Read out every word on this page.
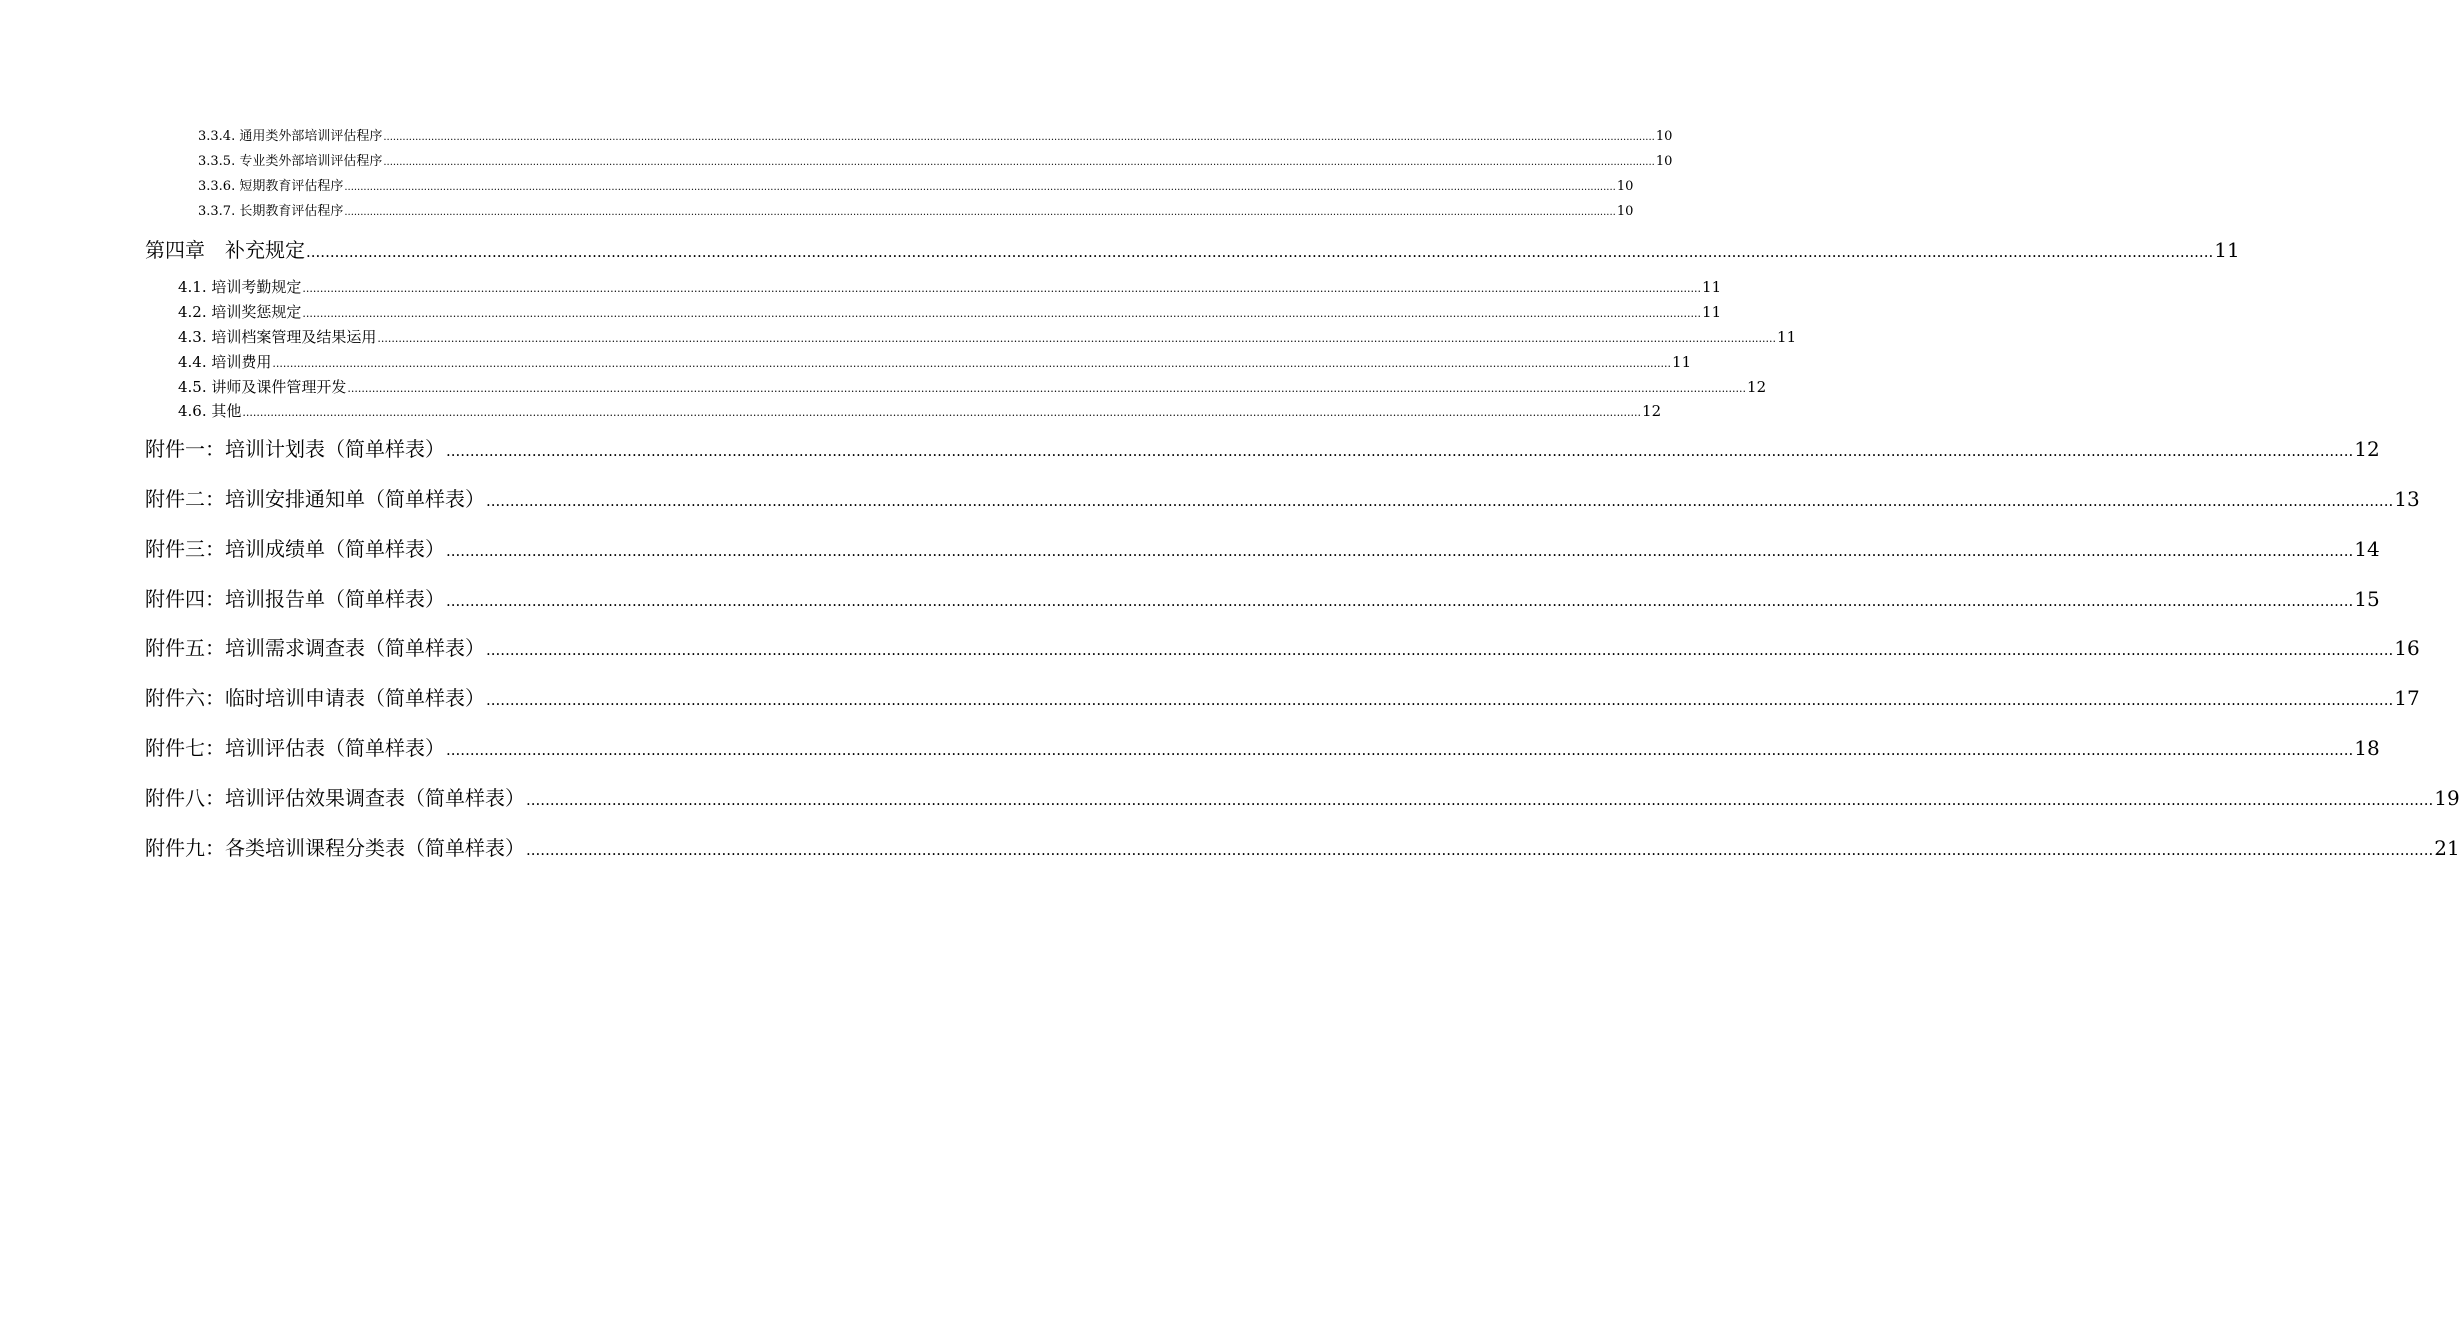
3.3.4. 通用类外部培训评估程序 ................................................................................................................................................................................................................................................................................................................................................................................................................ 10
3.3.5. 专业类外部培训评估程序 ................................................................................................................................................................................................................................................................................................................................................................................................................ 10
3.3.6. 短期教育评估程序 ................................................................................................................................................................................................................................................................................................................................................................................................................ 10
3.3.7. 长期教育评估程序 ................................................................................................................................................................................................................................................................................................................................................................................................................ 10
第四章　补充规定 ................................................................................................................................................................................................................................................................................................................................................................................................................ 11
4.1. 培训考勤规定 ................................................................................................................................................................................................................................................................................................................................................................................................................ 11
4.2. 培训奖惩规定 ................................................................................................................................................................................................................................................................................................................................................................................................................ 11
4.3. 培训档案管理及结果运用 ................................................................................................................................................................................................................................................................................................................................................................................................................ 11
4.4. 培训费用 ................................................................................................................................................................................................................................................................................................................................................................................................................ 11
4.5. 讲师及课件管理开发 ................................................................................................................................................................................................................................................................................................................................................................................................................ 12
4.6. 其他 ................................................................................................................................................................................................................................................................................................................................................................................................................ 12
附件一：培训计划表（简单样表） ................................................................................................................................................................................................................................................................................................................................................................................................................ 12
附件二：培训安排通知单（简单样表） ................................................................................................................................................................................................................................................................................................................................................................................................................ 13
附件三：培训成绩单（简单样表） ................................................................................................................................................................................................................................................................................................................................................................................................................ 14
附件四：培训报告单（简单样表） ................................................................................................................................................................................................................................................................................................................................................................................................................ 15
附件五：培训需求调查表（简单样表） ................................................................................................................................................................................................................................................................................................................................................................................................................ 16
附件六：临时培训申请表（简单样表） ................................................................................................................................................................................................................................................................................................................................................................................................................ 17
附件七：培训评估表（简单样表） ................................................................................................................................................................................................................................................................................................................................................................................................................ 18
附件八：培训评估效果调查表（简单样表） ................................................................................................................................................................................................................................................................................................................................................................................................................ 19
附件九：各类培训课程分类表（简单样表） ................................................................................................................................................................................................................................................................................................................................................................................................................ 21
